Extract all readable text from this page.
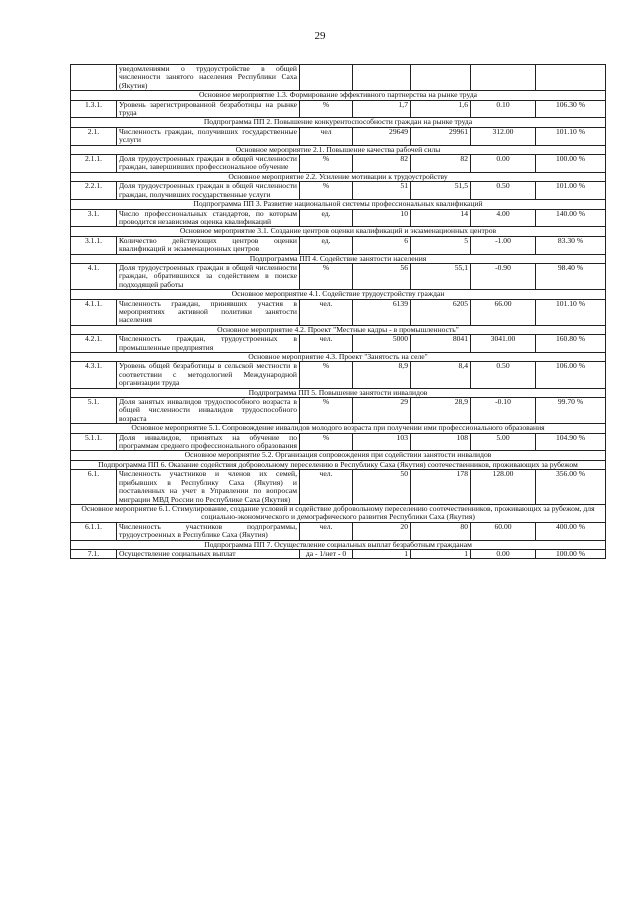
29
	уведомлениями о трудоустройстве в общей численности занятого населения Республики Саха (Якутия)					
Основное мероприятие 1.3. Формирование эффективного партнерства на рынке труда						
1.3.1.	Уровень зарегистрированной безработицы на рынке труда	%	1,7	1,6	0.10	106.30 %
Подпрограмма ПП 2. Повышение конкурентоспособности граждан на рынке труда						
2.1.	Численность граждан, получивших государственные услуги	чел	29649	29961	312.00	101.10 %
Основное мероприятие 2.1. Повышение качества рабочей силы						
2.1.1.	Доля трудоустроенных граждан в общей численности граждан, завершивших профессиональное обучение	%	82	82	0.00	100.00 %
Основное мероприятие 2.2. Усиление мотивации к трудоустройству						
2.2.1.	Доля трудоустроенных граждан в общей численности граждан, получивших государственные услуги	%	51	51,5	0.50	101.00 %
Подпрограмма ПП 3. Развитие национальной системы профессиональных квалификаций						
3.1.	Число профессиональных стандартов, по которым проводится независимая оценка квалификаций	ед.	10	14	4.00	140.00 %
Основное мероприятие 3.1. Создание центров оценки квалификаций и экзаменационных центров						
3.1.1.	Количество действующих центров оценки квалификаций и экзаменационных центров	ед.	6	5	-1.00	83.30 %
Подпрограмма ПП 4. Содействие занятости населения						
4.1.	Доля трудоустроенных граждан в общей численности граждан, обратившихся за содействием в поиске подходящей работы	%	56	55,1	-0.90	98.40 %
Основное мероприятие 4.1. Содействие трудоустройству граждан						
4.1.1.	Численность граждан, принявших участия в мероприятиях активной политики занятости населения	чел.	6139	6205	66.00	101.10 %
Основное мероприятие 4.2. Проект "Местные кадры - в промышленность"						
4.2.1.	Численность граждан, трудоустроенных в промышленные предприятия	чел.	5000	8041	3041.00	160.80 %
Основное мероприятие 4.3. Проект "Занятость на селе"						
4.3.1.	Уровень общей безработицы в сельской местности в соответствии с методологией Международной организации труда	%	8,9	8,4	0.50	106.00 %
Подпрограмма ПП 5. Повышение занятости инвалидов						
5.1.	Доля занятых инвалидов трудоспособного возраста в общей численности инвалидов трудоспособного возраста	%	29	28,9	-0.10	99.70 %
Основное мероприятие 5.1. Сопровождение инвалидов молодого возраста при получении ими профессионального образования						
5.1.1.	Доля инвалидов, принятых на обучение по программам среднего профессионального образования	%	103	108	5.00	104.90 %
Основное мероприятие 5.2. Организация сопровождения при содействии занятости инвалидов						
Подпрограмма ПП 6. Оказание содействия добровольному переселению в Республику Саха (Якутия) соотечественников, проживающих за рубежом						
6.1.	Численность участников и членов их семей, прибывших в Республику Саха (Якутия) и поставленных на учет в Управлении по вопросам миграции МВД России по Республике Саха (Якутия)	чел.	50	178	128.00	356.00 %
Основное мероприятие 6.1. Стимулирование, создание условий и содействие добровольному переселению соотечественников, проживающих за рубежом, для социально-экономического и демографического развития Республики Саха (Якутия)						
6.1.1.	Численность участников подпрограммы, трудоустроенных в Республике Саха (Якутия)	чел.	20	80	60.00	400.00 %
Подпрограмма ПП 7. Осуществление социальных выплат безработным гражданам						
7.1.	Осуществление социальных выплат	да - 1/нет - 0	1	1	0.00	100.00 %
